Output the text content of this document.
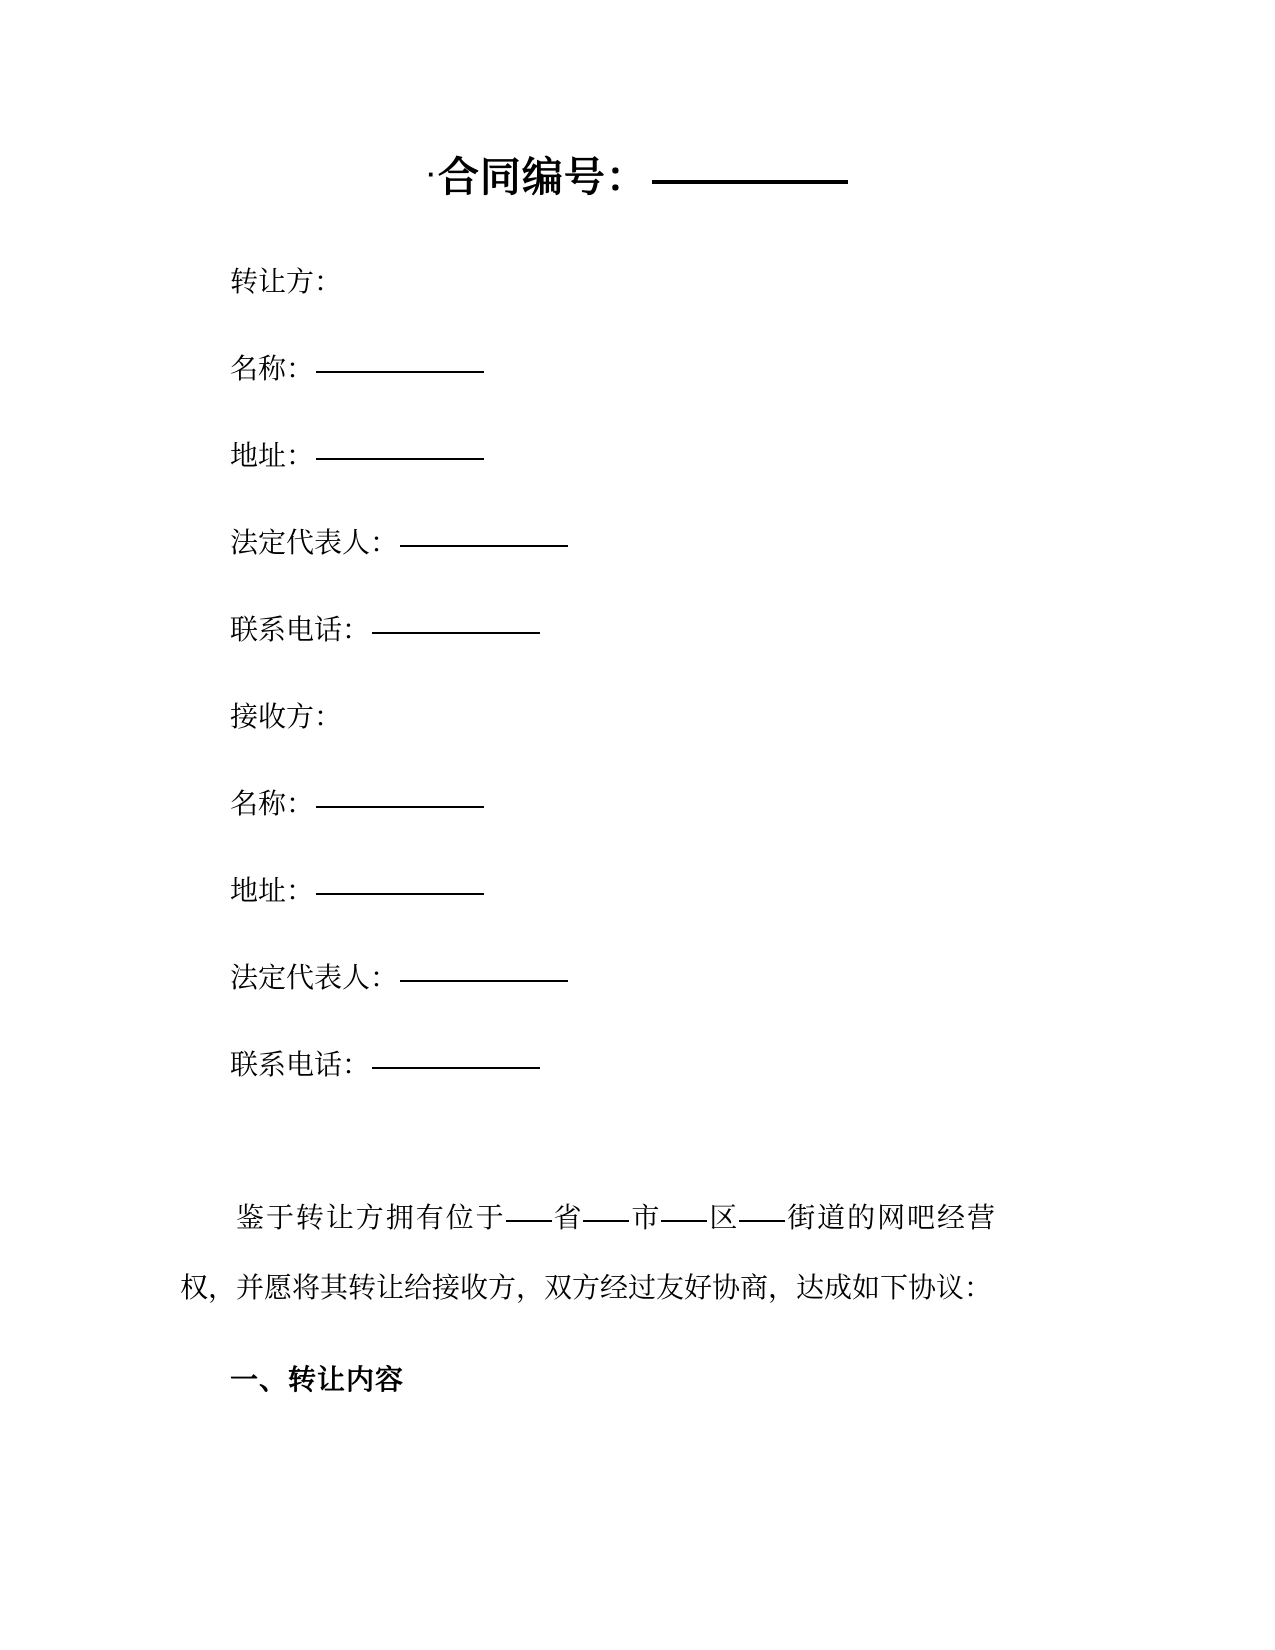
·合同编号：
转让方：
名称：
地址：
法定代表人：
联系电话：
接收方：
名称：
地址：
法定代表人：
联系电话：

鉴于转让方拥有位于 省 市 区 街道的网吧经营权，并愿将其转让给接收方，双方经过友好协商，达成如下协议：

一、转让内容
